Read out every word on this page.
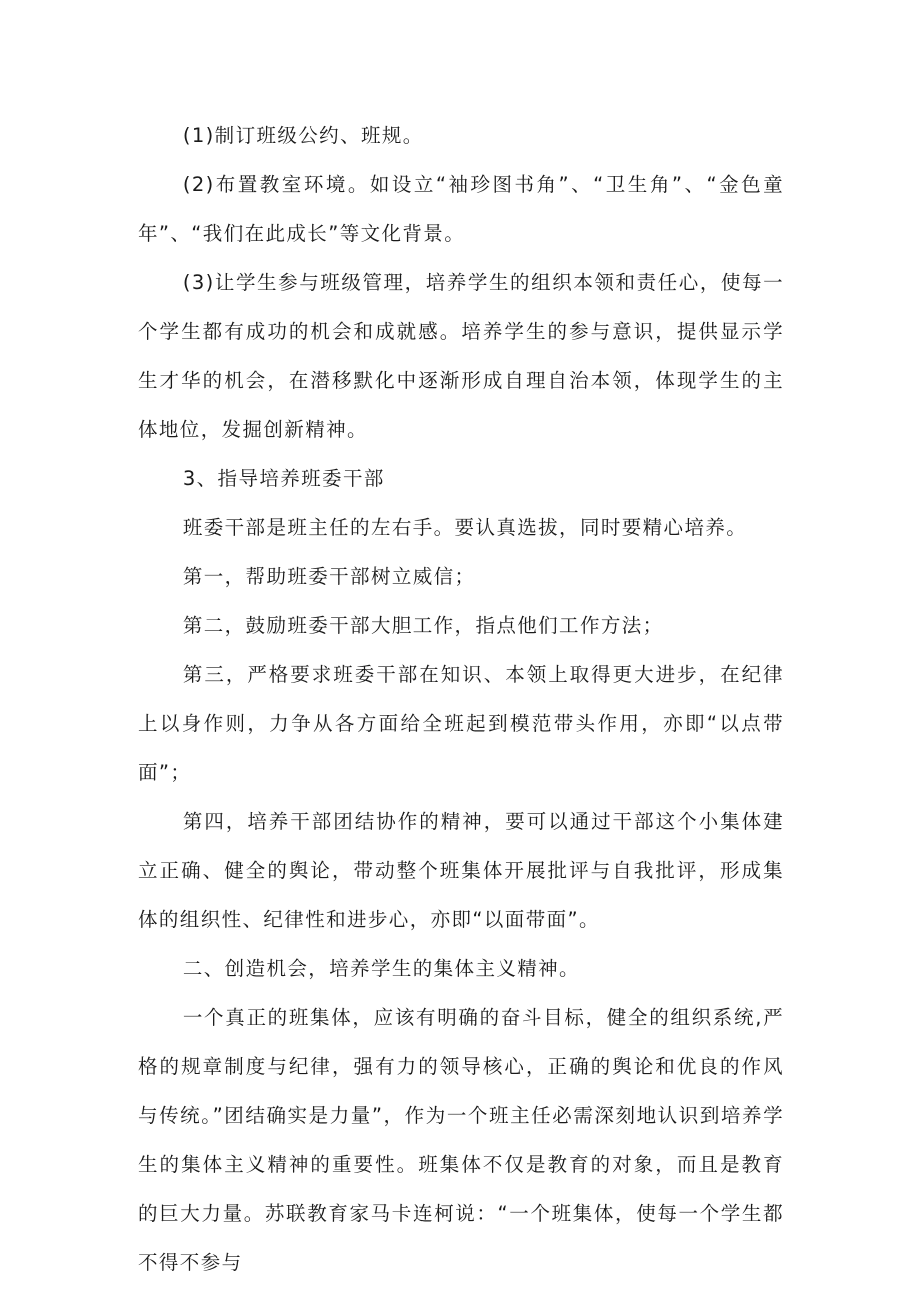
(1)制订班级公约、班规。

(2)布置教室环境。如设立“袖珍图书角”、“卫生角”、“金色童年”、“我们在此成长”等文化背景。

(3)让学生参与班级管理，培养学生的组织本领和责任心，使每一个学生都有成功的机会和成就感。培养学生的参与意识，提供显示学生才华的机会，在潜移默化中逐渐形成自理自治本领，体现学生的主体地位，发掘创新精神。

3、指导培养班委干部

班委干部是班主任的左右手。要认真选拔，同时要精心培养。

第一，帮助班委干部树立威信；

第二，鼓励班委干部大胆工作，指点他们工作方法；

第三，严格要求班委干部在知识、本领上取得更大进步，在纪律上以身作则，力争从各方面给全班起到模范带头作用，亦即“以点带面”；

第四，培养干部团结协作的精神，要可以通过干部这个小集体建立正确、健全的舆论，带动整个班集体开展批评与自我批评，形成集体的组织性、纪律性和进步心，亦即“以面带面”。

二、创造机会，培养学生的集体主义精神。

一个真正的班集体，应该有明确的奋斗目标，健全的组织系统,严格的规章制度与纪律，强有力的领导核心，正确的舆论和优良的作风与传统。”团结确实是力量”，作为一个班主任必需深刻地认识到培养学生的集体主义精神的重要性。班集体不仅是教育的对象，而且是教育的巨大力量。苏联教育家马卡连柯说：“一个班集体，使每一个学生都不得不参与
